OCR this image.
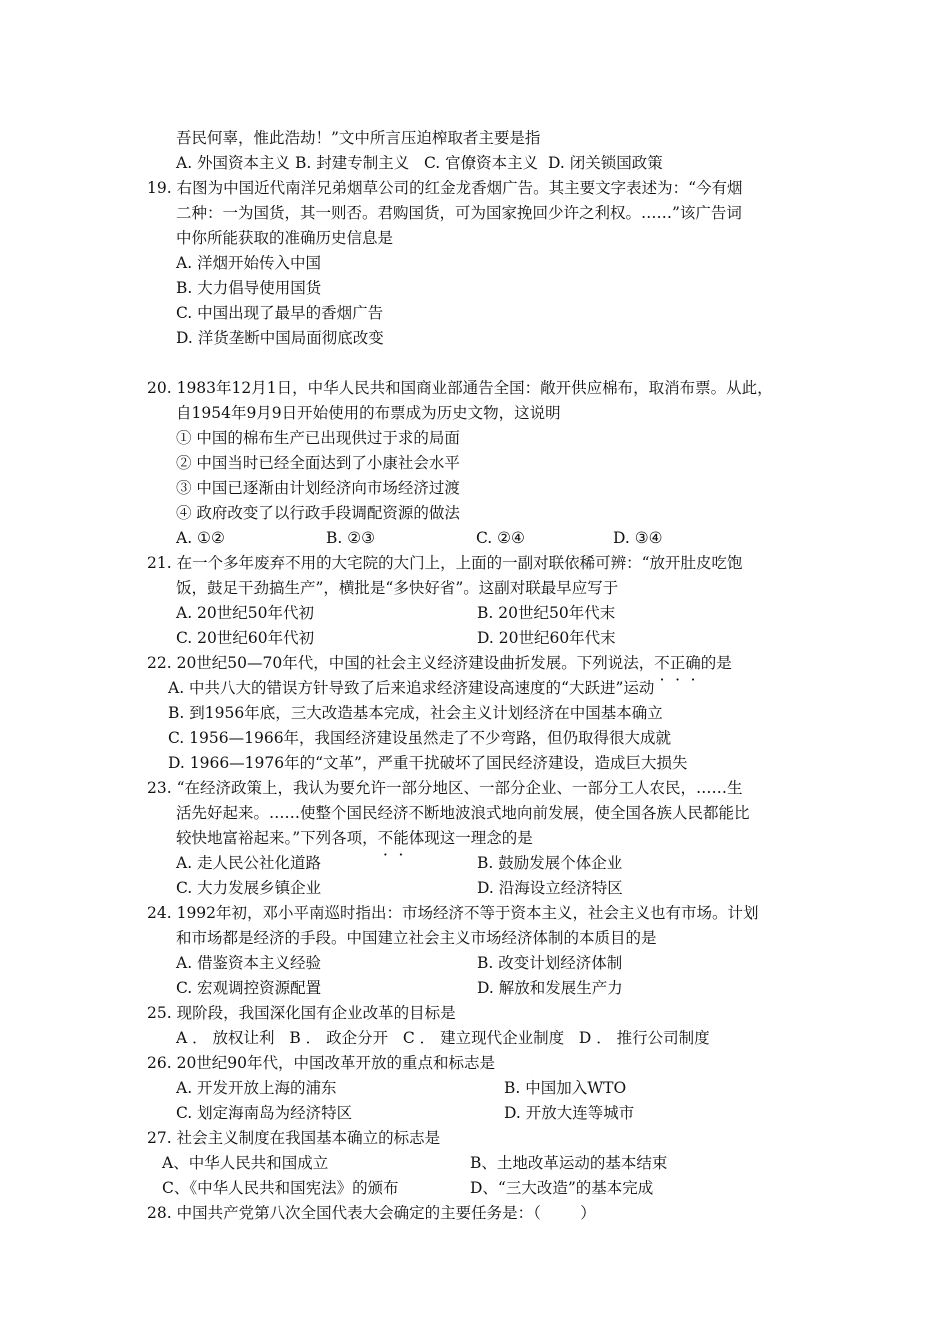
吾民何辜，惟此浩劫！”文中所言压迫榨取者主要是指
A. 外国资本主义 B. 封建专制主义   C. 官僚资本主义  D. 闭关锁国政策
19. 右图为中国近代南洋兄弟烟草公司的红金龙香烟广告。其主要文字表述为：“今有烟
二种：一为国货，其一则否。君购国货，可为国家挽回少许之利权。……”该广告词
中你所能获取的准确历史信息是
A. 洋烟开始传入中国
B. 大力倡导使用国货
C. 中国出现了最早的香烟广告
D. 洋货垄断中国局面彻底改变
20. 1983年12月1日，中华人民共和国商业部通告全国：敞开供应棉布，取消布票。从此，
自1954年9月9日开始使用的布票成为历史文物，这说明
① 中国的棉布生产已出现供过于求的局面
② 中国当时已经全面达到了小康社会水平
③ 中国已逐渐由计划经济向市场经济过渡
④ 政府改变了以行政手段调配资源的做法
A. ①②	B. ②③	C. ②④	D. ③④
21. 在一个多年废弃不用的大宅院的大门上，上面的一副对联依稀可辨：“放开肚皮吃饱
饭，鼓足干劲搞生产”，横批是“多快好省”。这副对联最早应写于
A. 20世纪50年代初	B. 20世纪50年代末
C. 20世纪60年代初	D. 20世纪60年代末
22. 20世纪50—70年代，中国的社会主义经济建设曲折发展。下列说法，不正确的是
A. 中共八大的错误方针导致了后来追求经济建设高速度的“大跃进”运动
B. 到1956年底，三大改造基本完成，社会主义计划经济在中国基本确立
C. 1956—1966年，我国经济建设虽然走了不少弯路，但仍取得很大成就
D. 1966—1976年的“文革”，严重干扰破坏了国民经济建设，造成巨大损失
23. “在经济政策上，我认为要允许一部分地区、一部分企业、一部分工人农民，……生
活先好起来。……使整个国民经济不断地波浪式地向前发展，使全国各族人民都能比
较快地富裕起来。”下列各项，不能体现这一理念的是
A. 走人民公社化道路	B. 鼓励发展个体企业
C. 大力发展乡镇企业	D. 沿海设立经济特区
24. 1992年初，邓小平南巡时指出：市场经济不等于资本主义，社会主义也有市场。计划
和市场都是经济的手段。中国建立社会主义市场经济体制的本质目的是
A. 借鉴资本主义经验	B. 改变计划经济体制
C. 宏观调控资源配置	D. 解放和发展生产力
25. 现阶段，我国深化国有企业改革的目标是
A ． 放权让利   B ． 政企分开   C ． 建立现代企业制度   D ． 推行公司制度
26. 20世纪90年代，中国改革开放的重点和标志是
A. 开发开放上海的浦东	B. 中国加入WTO
C. 划定海南岛为经济特区	D. 开放大连等城市
27. 社会主义制度在我国基本确立的标志是
A、中华人民共和国成立	B、土地改革运动的基本结束
C、《中华人民共和国宪法》的颁布	D、“三大改造”的基本完成
28. 中国共产党第八次全国代表大会确定的主要任务是：（        ）
